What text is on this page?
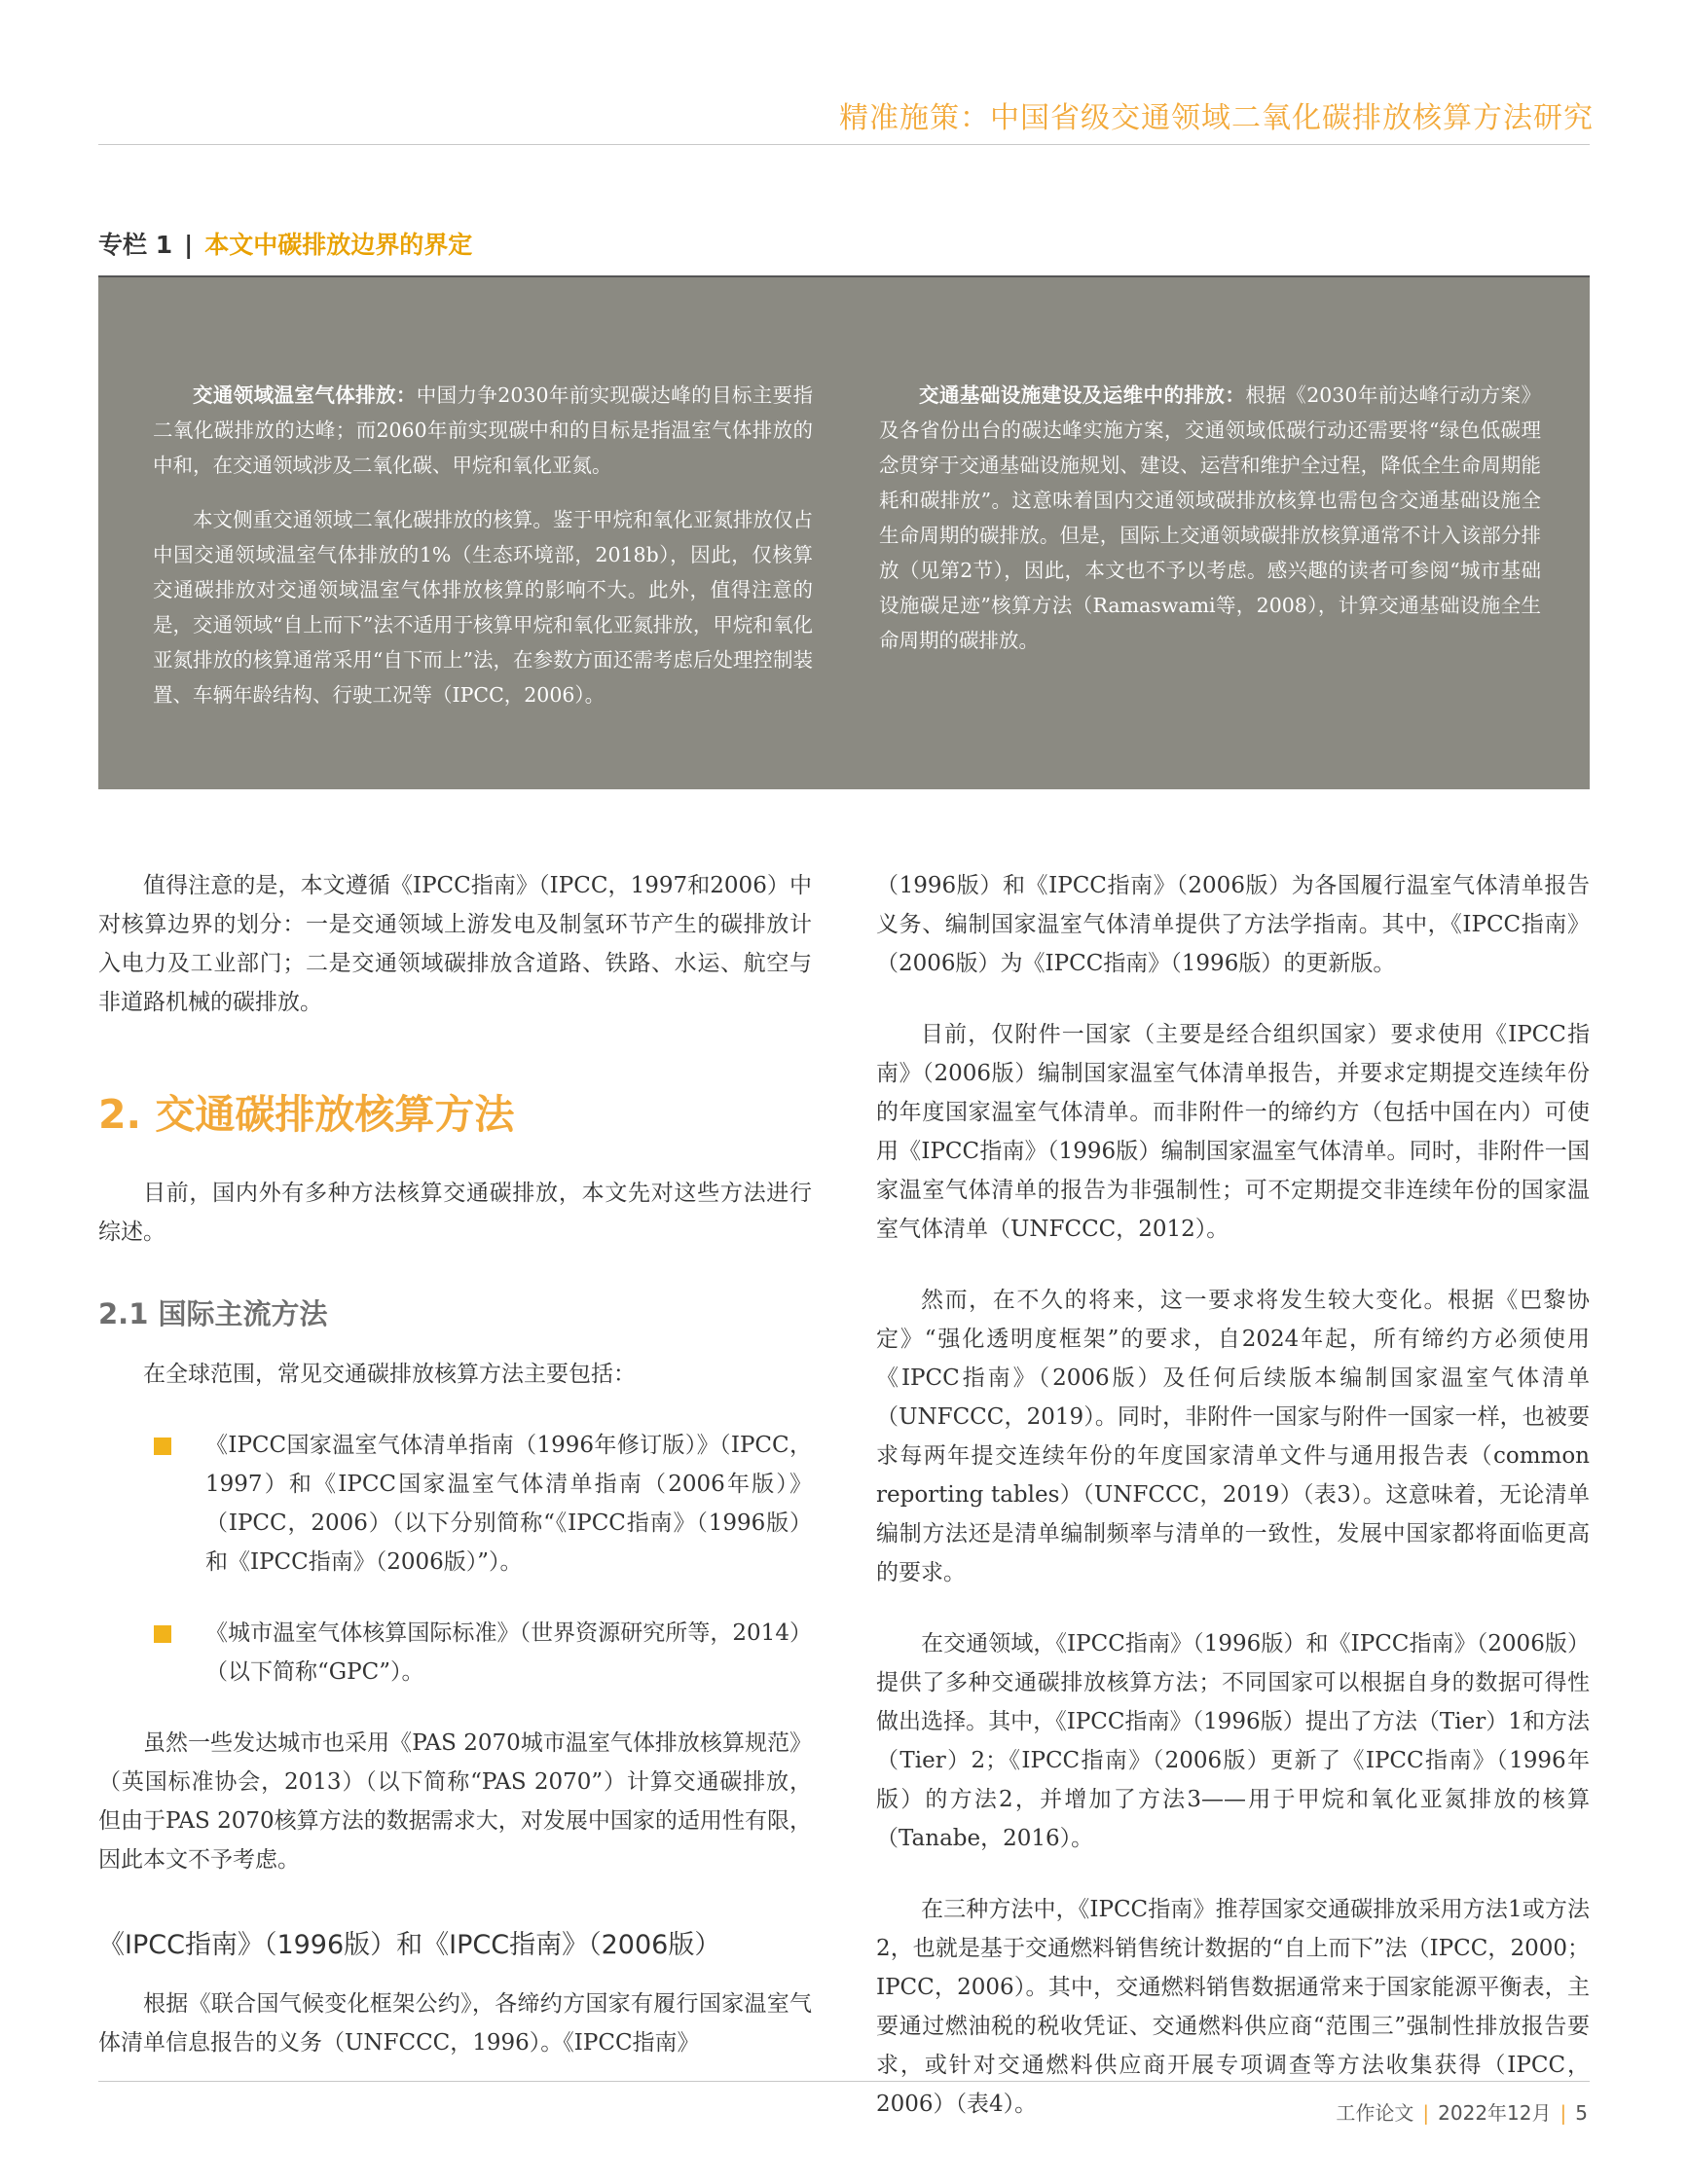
精准施策：中国省级交通领域二氧化碳排放核算方法研究
专栏 1 | 本文中碳排放边界的界定

交通领域温室气体排放：中国力争2030年前实现碳达峰的目标主要指二氧化碳排放的达峰；而2060年前实现碳中和的目标是指温室气体排放的中和，在交通领域涉及二氧化碳、甲烷和氧化亚氮。

本文侧重交通领域二氧化碳排放的核算。鉴于甲烷和氧化亚氮排放仅占中国交通领域温室气体排放的1%（生态环境部，2018b），因此，仅核算交通碳排放对交通领域温室气体排放核算的影响不大。此外，值得注意的是，交通领域“自上而下”法不适用于核算甲烷和氧化亚氮排放，甲烷和氧化亚氮排放的核算通常采用“自下而上”法，在参数方面还需考虑后处理控制装置、车辆年龄结构、行驶工况等（IPCC，2006）。

交通基础设施建设及运维中的排放：根据《2030年前达峰行动方案》及各省份出台的碳达峰实施方案，交通领域低碳行动还需要将“绿色低碳理念贯穿于交通基础设施规划、建设、运营和维护全过程，降低全生命周期能耗和碳排放”。这意味着国内交通领域碳排放核算也需包含交通基础设施全生命周期的碳排放。但是，国际上交通领域碳排放核算通常不计入该部分排放（见第2节），因此，本文也不予以考虑。感兴趣的读者可参阅“城市基础设施碳足迹”核算方法（Ramaswami等，2008），计算交通基础设施全生命周期的碳排放。

值得注意的是，本文遵循《IPCC指南》（IPCC，1997和2006）中对核算边界的划分：一是交通领域上游发电及制氢环节产生的碳排放计入电力及工业部门；二是交通领域碳排放含道路、铁路、水运、航空与非道路机械的碳排放。

2. 交通碳排放核算方法

目前，国内外有多种方法核算交通碳排放，本文先对这些方法进行综述。

2.1 国际主流方法

在全球范围，常见交通碳排放核算方法主要包括：

《IPCC国家温室气体清单指南（1996年修订版）》（IPCC，1997）和《IPCC国家温室气体清单指南（2006年版）》（IPCC，2006）（以下分别简称“《IPCC指南》（1996版）和《IPCC指南》（2006版）”）。
《城市温室气体核算国际标准》（世界资源研究所等，2014）（以下简称“GPC”）。

虽然一些发达城市也采用《PAS 2070城市温室气体排放核算规范》（英国标准协会，2013）（以下简称“PAS 2070”）计算交通碳排放，但由于PAS 2070核算方法的数据需求大，对发展中国家的适用性有限，因此本文不予考虑。

《IPCC指南》（1996版）和《IPCC指南》（2006版）

根据《联合国气候变化框架公约》，各缔约方国家有履行国家温室气体清单信息报告的义务（UNFCCC，1996）。《IPCC指南》

（1996版）和《IPCC指南》（2006版）为各国履行温室气体清单报告义务、编制国家温室气体清单提供了方法学指南。其中，《IPCC指南》（2006版）为《IPCC指南》（1996版）的更新版。

目前，仅附件一国家（主要是经合组织国家）要求使用《IPCC指南》（2006版）编制国家温室气体清单报告，并要求定期提交连续年份的年度国家温室气体清单。而非附件一的缔约方（包括中国在内）可使用《IPCC指南》（1996版）编制国家温室气体清单。同时，非附件一国家温室气体清单的报告为非强制性；可不定期提交非连续年份的国家温室气体清单（UNFCCC，2012）。

然而，在不久的将来，这一要求将发生较大变化。根据《巴黎协定》“强化透明度框架”的要求，自2024年起，所有缔约方必须使用《IPCC指南》（2006版）及任何后续版本编制国家温室气体清单（UNFCCC，2019）。同时，非附件一国家与附件一国家一样，也被要求每两年提交连续年份的年度国家清单文件与通用报告表（common reporting tables）（UNFCCC，2019）（表3）。这意味着，无论清单编制方法还是清单编制频率与清单的一致性，发展中国家都将面临更高的要求。

在交通领域，《IPCC指南》（1996版）和《IPCC指南》（2006版）提供了多种交通碳排放核算方法；不同国家可以根据自身的数据可得性做出选择。其中，《IPCC指南》（1996版）提出了方法（Tier）1和方法（Tier）2；《IPCC指南》（2006版）更新了《IPCC指南》（1996年版）的方法2，并增加了方法3——用于甲烷和氧化亚氮排放的核算（Tanabe，2016）。

在三种方法中，《IPCC指南》推荐国家交通碳排放采用方法1或方法2，也就是基于交通燃料销售统计数据的“自上而下”法（IPCC，2000；IPCC，2006）。其中，交通燃料销售数据通常来于国家能源平衡表，主要通过燃油税的税收凭证、交通燃料供应商“范围三”强制性排放报告要求，或针对交通燃料供应商开展专项调查等方法收集获得（IPCC，2006）（表4）。	工作论文 | 2022年12月 | 5
